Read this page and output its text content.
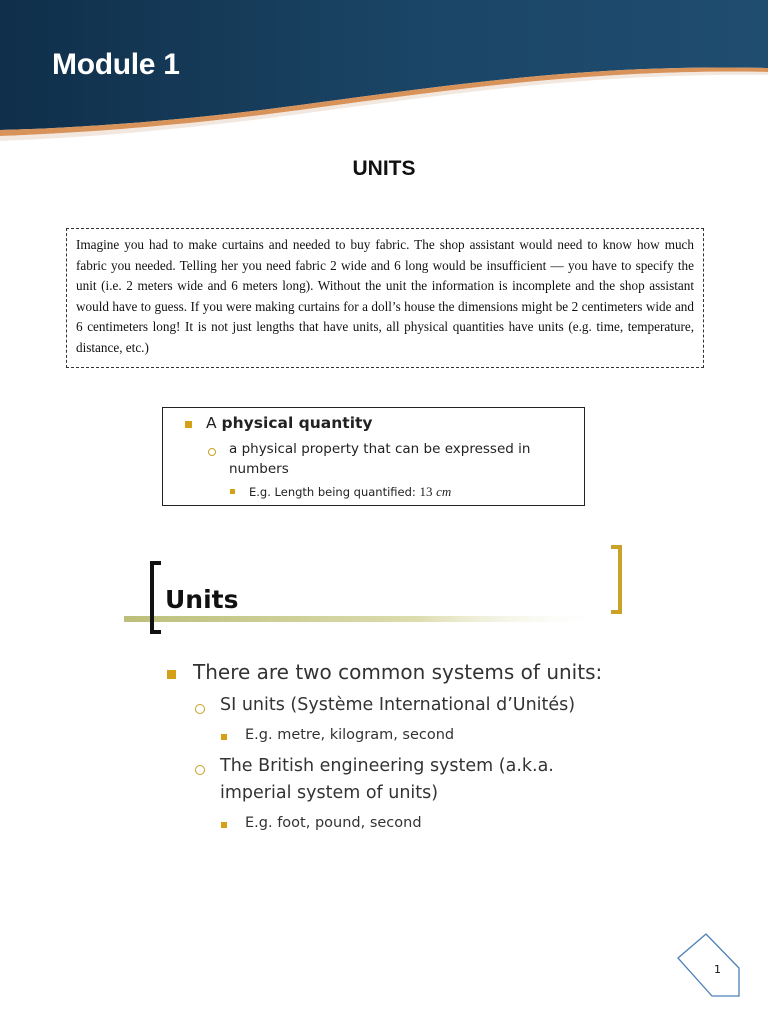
Module 1
UNITS

Imagine you had to make curtains and needed to buy fabric. The shop assistant would need to know how much fabric you needed. Telling her you need fabric 2 wide and 6 long would be insufficient — you have to specify the unit (i.e. 2 meters wide and 6 meters long). Without the unit the information is incomplete and the shop assistant would have to guess. If you were making curtains for a doll’s house the dimensions might be 2 centimeters wide and 6 centimeters long! It is not just lengths that have units, all physical quantities have units (e.g. time, temperature, distance, etc.)

A physical quantity
a physical property that can be expressed in
numbers
E.g. Length being quantified: 13 cm
Units
There are two common systems of units:
SI units (Système International d’Unités)
E.g. metre, kilogram, second
The British engineering system (a.k.a.
imperial system of units)
E.g. foot, pound, second
1
